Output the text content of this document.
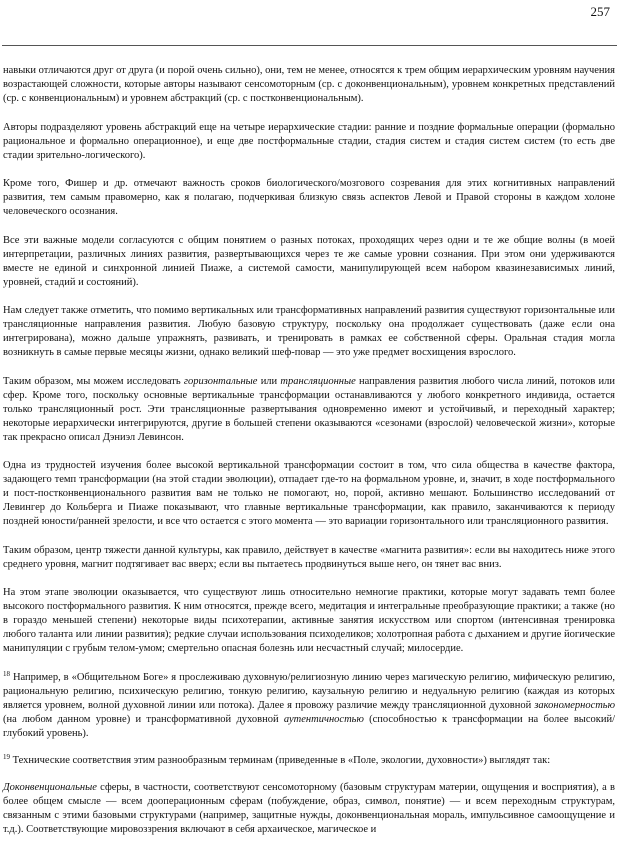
257

навыки отличаются друг от друга (и порой очень сильно), они, тем не менее, относятся к трем общим иерархическим уровням научения возрастающей сложности, которые авторы называют сенсомоторным (ср. с доконвенциональным), уровнем конкретных представлений (ср. с конвенциональным) и уровнем абстракций (ср. с постконвенциональным).

Авторы подразделяют уровень абстракций еще на четыре иерархические стадии: ранние и поздние формальные операции (формально рациональное и формально операционное), и еще две постформальные стадии, стадия систем и стадия систем систем (то есть две стадии зрительно-логического).

Кроме того, Фишер и др. отмечают важность сроков биологического/мозгового созревания для этих когнитивных направлений развития, тем самым правомерно, как я полагаю, подчеркивая близкую связь аспектов Левой и Правой стороны в каждом холоне человеческого осознания.

Все эти важные модели согласуются с общим понятием о разных потоках, проходящих через одни и те же общие волны (в моей интерпретации, различных линиях развития, развертывающихся через те же самые уровни сознания. При этом они удерживаются вместе не единой и синхронной линией Пиаже, а системой самости, манипулирующей всем набором квазинезависимых линий, уровней, стадий и состояний).

Нам следует также отметить, что помимо вертикальных или трансформативных направлений развития существуют горизонтальные или трансляционные направления развития. Любую базовую структуру, поскольку она продолжает существовать (даже если она интегрирована), можно дальше упражнять, развивать, и тренировать в рамках ее собственной сферы. Оральная стадия могла возникнуть в самые первые месяцы жизни, однако великий шеф-повар — это уже предмет восхищения взрослого.

Таким образом, мы можем исследовать горизонтальные или трансляционные направления развития любого числа линий, потоков или сфер. Кроме того, поскольку основные вертикальные трансформации останавливаются у любого конкретного индивида, остается только трансляционный рост. Эти трансляционные развертывания одновременно имеют и устойчивый, и переходный характер; некоторые иерархически интегрируются, другие в большей степени оказываются «сезонами (взрослой) человеческой жизни», которые так прекрасно описал Дэниэл Левинсон.

Одна из трудностей изучения более высокой вертикальной трансформации состоит в том, что сила общества в качестве фактора, задающего темп трансформации (на этой стадии эволюции), отпадает где-то на формальном уровне, и, значит, в ходе постформального и пост-постконвенционального развития вам не только не помогают, но, порой, активно мешают. Большинство исследований от Левингер до Кольберга и Пиаже показывают, что главные вертикальные трансформации, как правило, заканчиваются к периоду поздней юности/ранней зрелости, и все что остается с этого момента — это вариации горизонтального или трансляционного развития.

Таким образом, центр тяжести данной культуры, как правило, действует в качестве «магнита развития»: если вы находитесь ниже этого среднего уровня, магнит подтягивает вас вверх; если вы пытаетесь продвинуться выше него, он тянет вас вниз.

На этом этапе эволюции оказывается, что существуют лишь относительно немногие практики, которые могут задавать темп более высокого постформального развития. К ним относятся, прежде всего, медитация и интегральные преобразующие практики; а также (но в гораздо меньшей степени) некоторые виды психотерапии, активные занятия искусством или спортом (интенсивная тренировка любого таланта или линии развития); редкие случаи использования психоделиков; холотропная работа с дыханием и другие йогические манипуляции с грубым телом-умом; смертельно опасная болезнь или несчастный случай; милосердие.

$^{18}$ Например, в «Общительном Боге» я прослеживаю духовную/религиозную линию через магическую религию, мифическую религию, рациональную религию, психическую религию, тонкую религию, каузальную религию и недуальную религию (каждая из которых является уровнем, волной духовной линии или потока). Далее я провожу различие между трансляционной духовной закономерностью (на любом данном уровне) и трансформативной духовной аутентичностью (способностью к трансформации на более высокий/глубокий уровень).

$^{19}$ Технические соответствия этим разнообразным терминам (приведенные в «Поле, экологии, духовности») выглядят так:

Доконвенциональные сферы, в частности, соответствуют сенсомоторному (базовым структурам материи, ощущения и восприятия), а в более общем смысле — всем дооперационным сферам (побуждение, образ, символ, понятие) — и всем переходным структурам, связанным с этими базовыми структурами (например, защитные нужды, доконвенциональная мораль, импульсивное самоощущение и т.д.). Соответствующие мировоззрения включают в себя архаическое, магическое и
